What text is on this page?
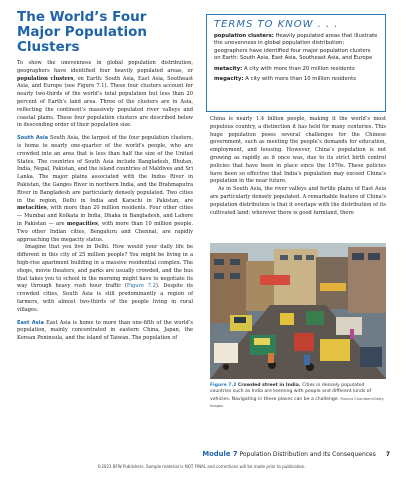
The World’s Four Major Population Clusters

To show the unevenness in global population distribution, geographers have identified four heavily populated areas, or population clusters, on Earth: South Asia, East Asia, Southeast Asia, and Europe (see Figure 7.1). These four clusters account for nearly two-thirds of the world’s total population but less than 20 percent of Earth’s land area. Three of the clusters are in Asia, reflecting the continent’s massively populated river valleys and coastal plains. These four population clusters are described below in descending order of their population size.

South Asia South Asia, the largest of the four population clusters, is home to nearly one-quarter of the world’s people, who are crowded into an area that is less than half the size of the United States. The countries of South Asia include Bangladesh, Bhutan, India, Nepal, Pakistan, and the island countries of Maldives and Sri Lanka. The major plains associated with the Indus River in Pakistan, the Ganges River in northern India, and the Brahmaputra River in Bangladesh are particularly densely populated. Two cities in the region, Delhi in India and Karachi in Pakistan, are metacities, with more than 20 million residents. Four other cities — Mumbai and Kolkata in India, Dhaka in Bangladesh, and Lahore in Pakistan — are megacities, with more than 10 million people. Two other Indian cities, Bengaluru and Chennai, are rapidly approaching the megacity status.

Imagine that you live in Delhi. How would your daily life be different in this city of 25 million people? You might be living in a high-rise apartment building in a massive residential complex. The shops, movie theaters, and parks are usually crowded, and the bus that takes you to school in the morning might have to negotiate its way through heavy rush hour traffic (Figure 7.2). Despite its crowded cities, South Asia is still predominantly a region of farmers, with almost two-thirds of the people living in rural villages.

East Asia East Asia is home to more than one-fifth of the world’s population, mainly concentrated in eastern China, Japan, the Korean Peninsula, and the island of Taiwan. The population of

TERMS TO KNOW . . .
population clusters: Heavily populated areas that illustrate the unevenness in global population distribution; geographers have identified four major population clusters on Earth: South Asia, East Asia, Southeast Asia, and Europe
metacity: A city with more than 20 million residents
megacity: A city with more than 10 million residents

China is nearly 1.4 billion people, making it the world’s most populous country, a distinction it has held for many centuries. This huge population poses several challenges for the Chinese government, such as meeting the people’s demands for education, employment, and housing. However, China’s population is not growing as rapidly as it once was, due to its strict birth control policies that have been in place since the 1970s. These policies have been so effective that India’s population may exceed China’s population in the near future.

As in South Asia, the river valleys and fertile plains of East Asia are particularly densely populated. A remarkable feature of China’s population distribution is that it overlaps with the distribution of its cultivated land: wherever there is good farmland, there

Figure 7.2 Crowded street in India. Cities in densely populated countries such as India are teeming with people and different kinds of vehicles. Navigating in these places can be a challenge. Monica Chambers/Getty Images
Module 7 Population Distribution and Its Consequences 7
©2021 BFW Publishers. Sample material is NOT FINAL and corrections will be made prior to publication.
